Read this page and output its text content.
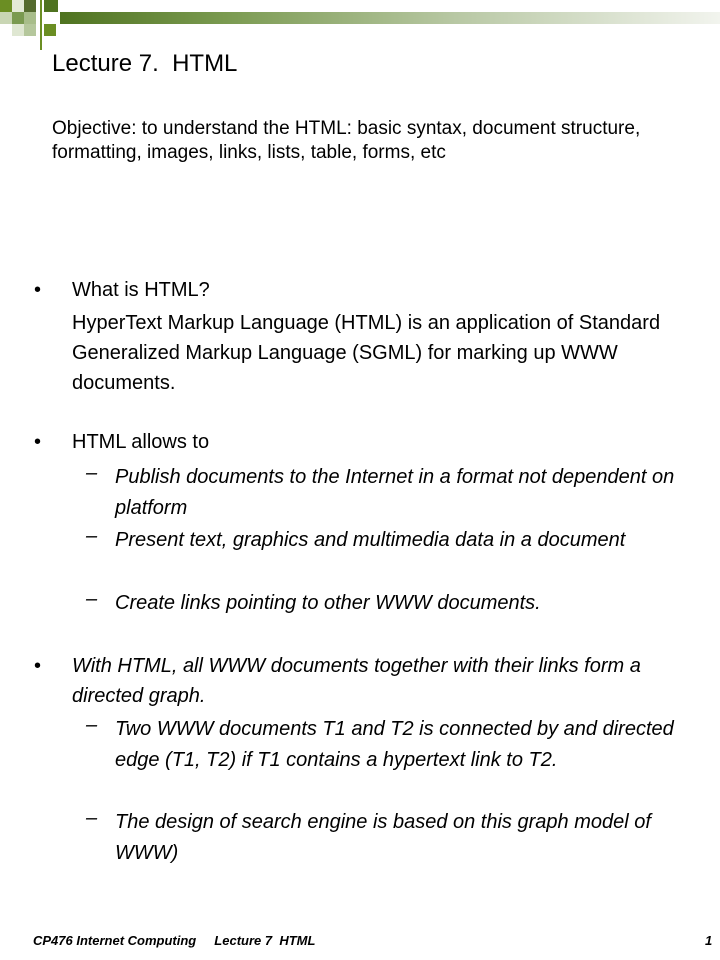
Lecture 7.  HTML

Objective: to understand the HTML: basic syntax, document structure, formatting, images, links, lists, table, forms, etc

• What is HTML?

HyperText Markup Language (HTML) is an application of Standard Generalized Markup Language (SGML) for marking up WWW documents.

• HTML allows to
– Publish documents to the Internet in a format not dependent on platform
– Present text, graphics and multimedia data in a document
– Create links pointing to other WWW documents.
• With HTML, all WWW documents together with their links form a directed graph.
– Two WWW documents T1 and T2 is connected by and directed edge (T1, T2) if T1 contains a hypertext link to T2.
– The design of search engine is based on this graph model of WWW)
CP476 Internet Computing     Lecture 7  HTML	1
